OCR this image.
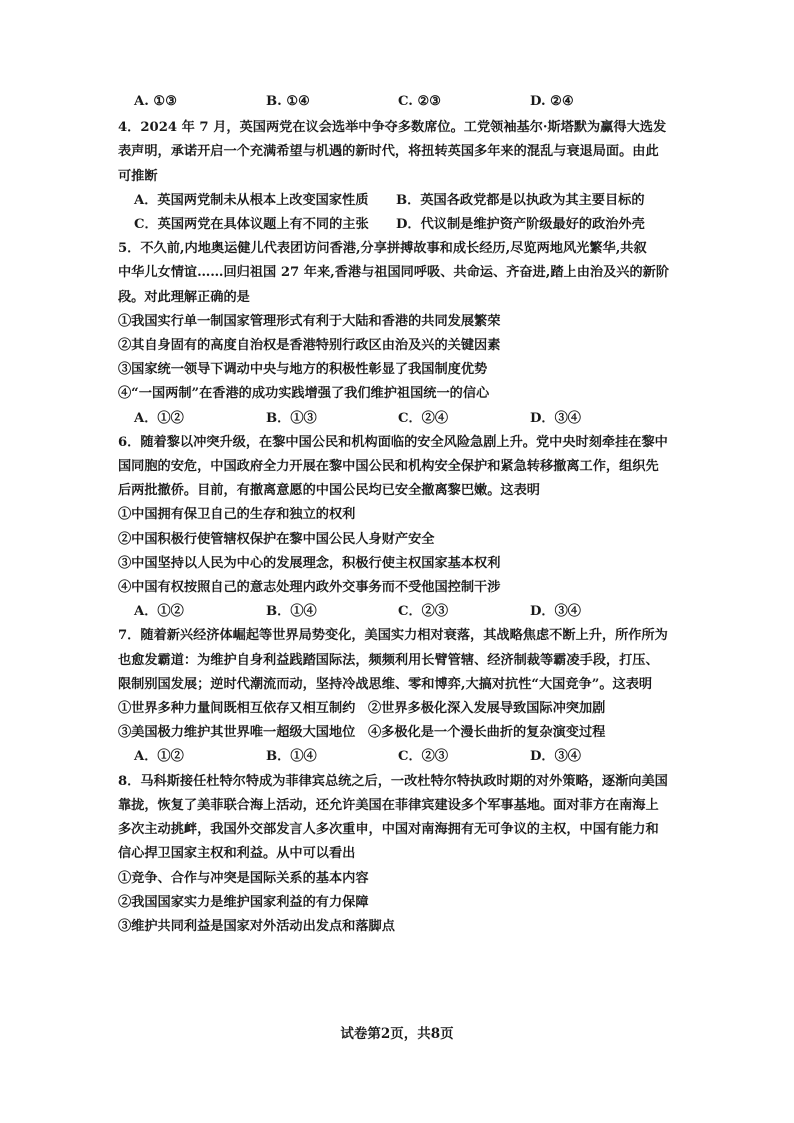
A. ①③	B. ①④	C. ②③	D. ②④
4．2024 年 7 月，英国两党在议会选举中争夺多数席位。工党领袖基尔·斯塔默为赢得大选发
表声明，承诺开启一个充满希望与机遇的新时代，将扭转英国多年来的混乱与衰退局面。由此
可推断
A．英国两党制未从根本上改变国家性质	B．英国各政党都是以执政为其主要目标的
C．英国两党在具体议题上有不同的主张	D．代议制是维护资产阶级最好的政治外壳
5．不久前,内地奥运健儿代表团访问香港,分享拼搏故事和成长经历,尽览两地风光繁华,共叙
中华儿女情谊……回归祖国 27 年来,香港与祖国同呼吸、共命运、齐奋进,踏上由治及兴的新阶
段。对此理解正确的是
①我国实行单一制国家管理形式有利于大陆和香港的共同发展繁荣
②其自身固有的高度自治权是香港特别行政区由治及兴的关键因素
③国家统一领导下调动中央与地方的积极性彰显了我国制度优势
④“一国两制”在香港的成功实践增强了我们维护祖国统一的信心
A．①②	B．①③	C．②④	D．③④
6．随着黎以冲突升级，在黎中国公民和机构面临的安全风险急剧上升。党中央时刻牵挂在黎中
国同胞的安危，中国政府全力开展在黎中国公民和机构安全保护和紧急转移撤离工作，组织先
后两批撤侨。目前，有撤离意愿的中国公民均已安全撤离黎巴嫩。这表明
①中国拥有保卫自己的生存和独立的权利
②中国积极行使管辖权保护在黎中国公民人身财产安全
③中国坚持以人民为中心的发展理念，积极行使主权国家基本权利
④中国有权按照自己的意志处理内政外交事务而不受他国控制干涉
A．①②	B．①④	C．②③	D．③④
7．随着新兴经济体崛起等世界局势变化，美国实力相对衰落，其战略焦虑不断上升，所作所为
也愈发霸道：为维护自身利益践踏国际法，频频利用长臂管辖、经济制裁等霸凌手段，打压、
限制别国发展；逆时代潮流而动，坚持冷战思维、零和博弈,大搞对抗性“大国竞争”。这表明
①世界多种力量间既相互依存又相互制约 ②世界多极化深入发展导致国际冲突加剧
③美国极力维护其世界唯一超级大国地位 ④多极化是一个漫长曲折的复杂演变过程
A．①②	B．①④	C．②③	D．③④
8．马科斯接任杜特尔特成为菲律宾总统之后，一改杜特尔特执政时期的对外策略，逐渐向美国
靠拢，恢复了美菲联合海上活动，还允许美国在菲律宾建设多个军事基地。面对菲方在南海上
多次主动挑衅，我国外交部发言人多次重申，中国对南海拥有无可争议的主权，中国有能力和
信心捍卫国家主权和利益。从中可以看出
①竞争、合作与冲突是国际关系的基本内容
②我国国家实力是维护国家利益的有力保障
③维护共同利益是国家对外活动出发点和落脚点
试卷第2页，共8页
